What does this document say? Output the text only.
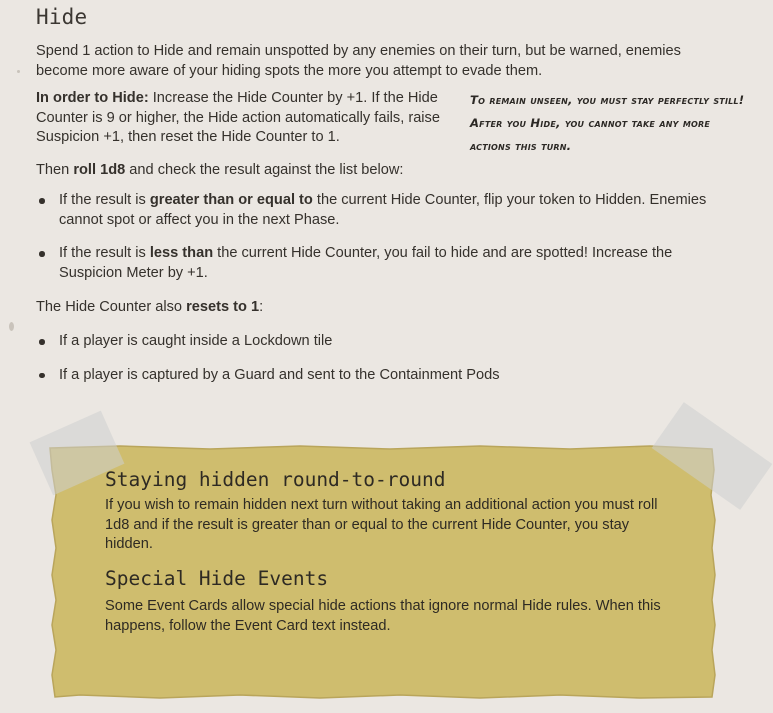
Hide

Spend 1 action to Hide and remain unspotted by any enemies on their turn, but be warned, enemies become more aware of your hiding spots the more you attempt to evade them.

In order to Hide: Increase the Hide Counter by +1. If the Hide Counter is 9 or higher, the Hide action automatically fails, raise Suspicion +1, then reset the Hide Counter to 1.

To remain unseen, you must stay perfectly still! After you Hide, you cannot take any more actions this turn.

Then roll 1d8 and check the result against the list below:

If the result is greater than or equal to the current Hide Counter, flip your token to Hidden. Enemies cannot spot or affect you in the next Phase.
If the result is less than the current Hide Counter, you fail to hide and are spotted! Increase the Suspicion Meter by +1.

The Hide Counter also resets to 1:

If a player is caught inside a Lockdown tile
If a player is captured by a Guard and sent to the Containment Pods
Staying hidden round-to-round

If you wish to remain hidden next turn without taking an additional action you must roll 1d8 and if the result is greater than or equal to the current Hide Counter, you stay hidden.

Special Hide Events

Some Event Cards allow special hide actions that ignore normal Hide rules. When this happens, follow the Event Card text instead.
